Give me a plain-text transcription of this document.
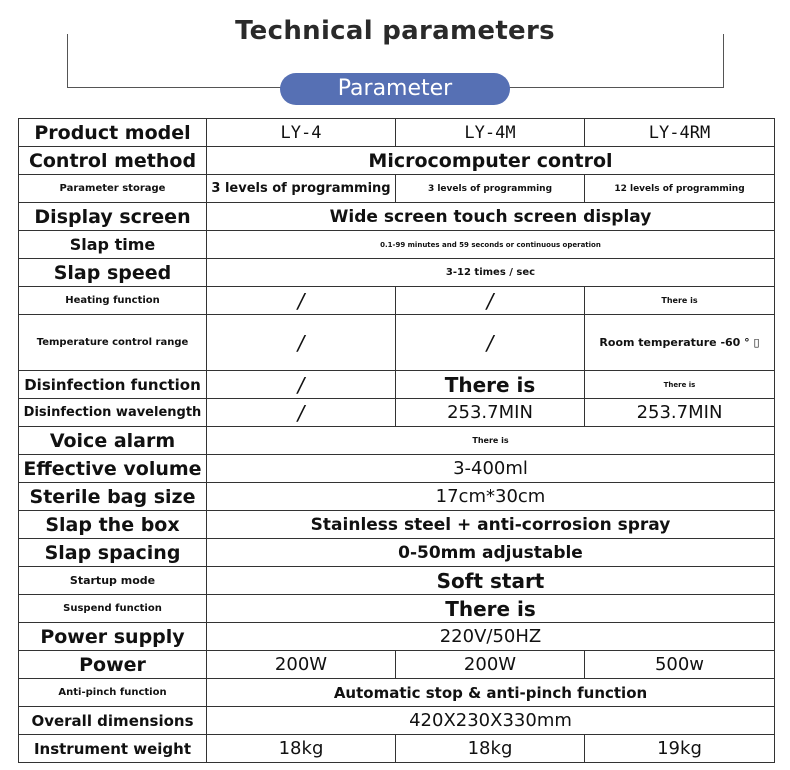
Technical parameters
Parameter
Product model	LY-4	LY-4M	LY-4RM
Control method	Microcomputer control		
Parameter storage	3 levels of programming	3 levels of programming	12 levels of programming
Display screen	Wide screen touch screen display		
Slap time	0.1-99 minutes and 59 seconds or continuous operation		
Slap speed	3-12 times / sec		
Heating function	/	/	There is
Temperature control range	/	/	Room temperature -60 ° ▯
Disinfection function	/	There is	There is
Disinfection wavelength	/	253.7MIN	253.7MIN
Voice alarm	There is		
Effective volume	3-400ml		
Sterile bag size	17cm*30cm		
Slap the box	Stainless steel + anti-corrosion spray		
Slap spacing	0-50mm adjustable		
Startup mode	Soft start		
Suspend function	There is		
Power supply	220V/50HZ		
Power	200W	200W	500w
Anti-pinch function	Automatic stop & anti-pinch function		
Overall dimensions	420X230X330mm		
Instrument weight	18kg	18kg	19kg
